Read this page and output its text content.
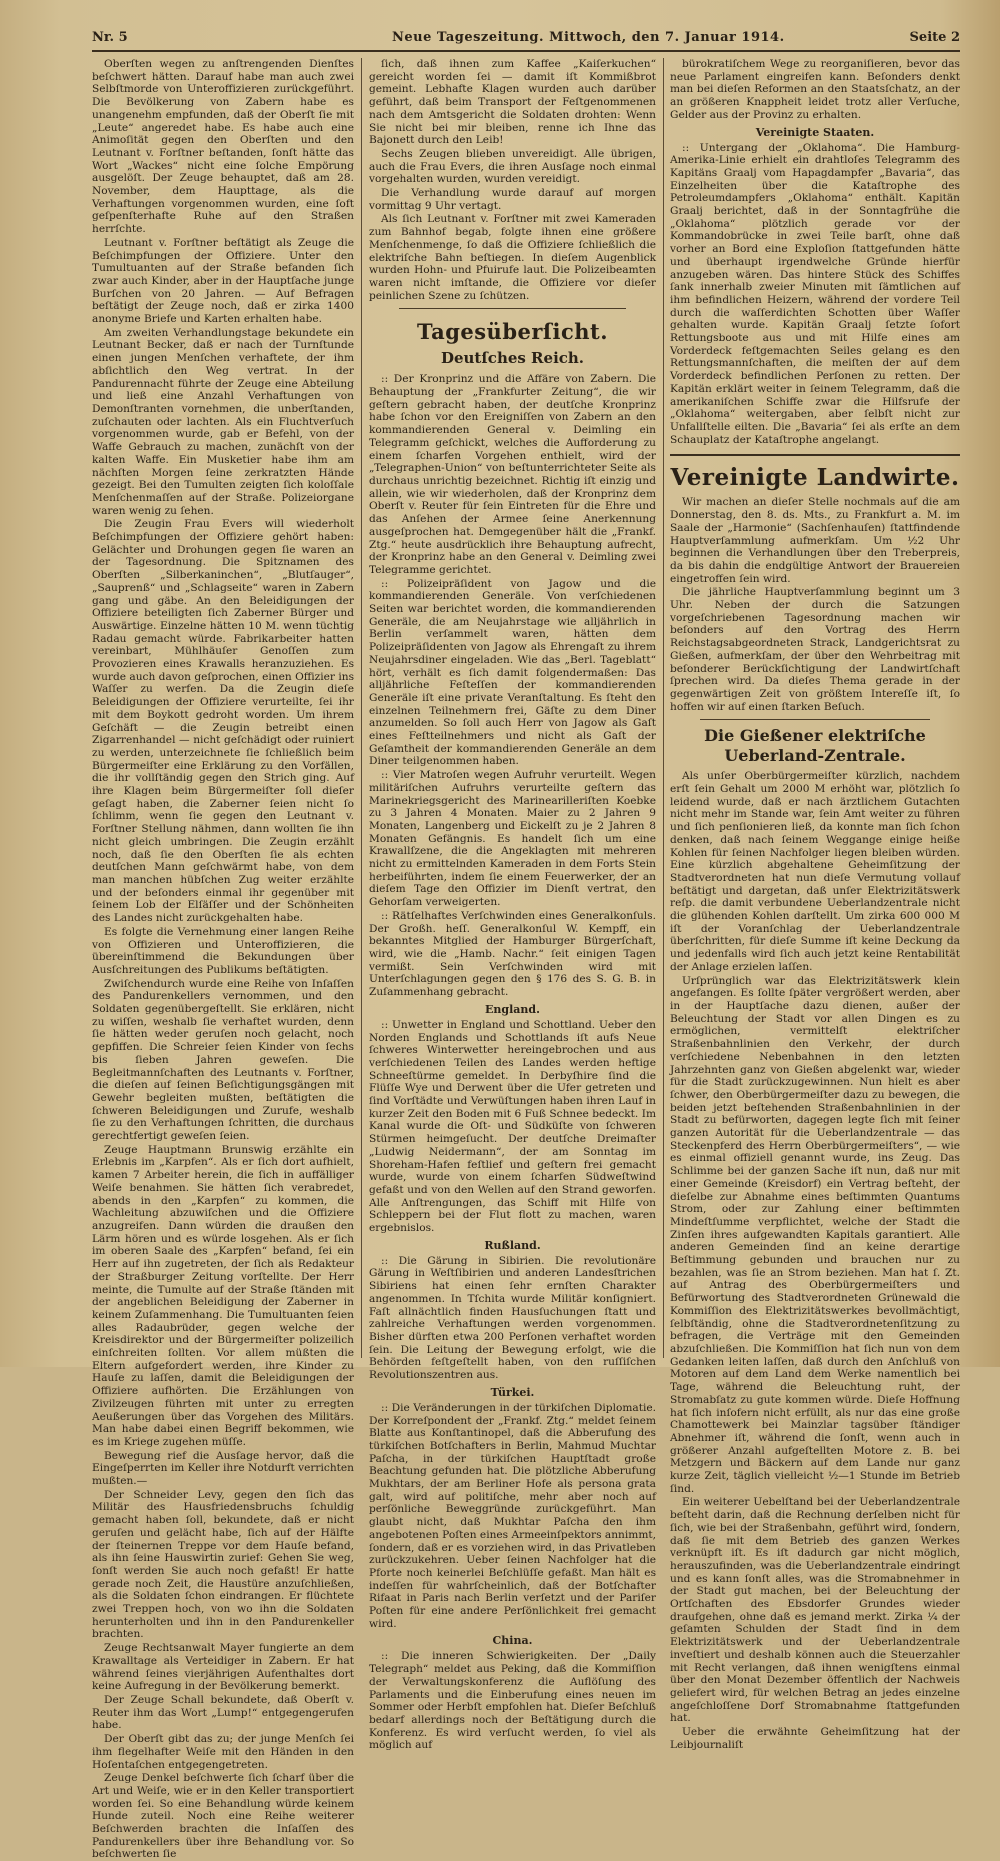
Nr. 5	Neue Tageszeitung. Mittwoch, den 7. Januar 1914.	Seite 2

Oberſten wegen zu anſtrengenden Dienſtes beſchwert hätten. Darauf habe man auch zwei Selbſtmorde von Unteroffizieren zurückgeführt. Die Bevölkerung von Zabern habe es unangenehm empfunden, daß der Oberſt ſie mit „Leute“ angeredet habe. Es habe auch eine Animoſität gegen den Oberſten und den Leutnant v. Forſtner beſtanden, ſonſt hätte das Wort „Wackes“ nicht eine ſolche Empörung ausgelöſt. Der Zeuge behauptet, daß am 28. November, dem Haupttage, als die Verhaftungen vorgenommen wurden, eine ſoft geſpenſterhafte Ruhe auf den Straßen herrſchte.

Leutnant v. Forſtner beſtätigt als Zeuge die Beſchimpfungen der Offiziere. Unter den Tumultuanten auf der Straße befanden ſich zwar auch Kinder, aber in der Hauptſache junge Burſchen von 20 Jahren. — Auf Befragen beſtätigt der Zeuge noch, daß er zirka 1400 anonyme Briefe und Karten erhalten habe.

Am zweiten Verhandlungstage bekundete ein Leutnant Becker, daß er nach der Turnſtunde einen jungen Menſchen verhaftete, der ihm abſichtlich den Weg vertrat. In der Pandurennacht führte der Zeuge eine Abteilung und ließ eine Anzahl Verhaftungen von Demonſtranten vornehmen, die unberſtanden, zuſchauten oder lachten. Als ein Fluchtverſuch vorgenommen wurde, gab er Befehl, von der Waffe Gebrauch zu machen, zunächſt von der kalten Waffe. Ein Musketier habe ihm am nächſten Morgen ſeine zerkratzten Hände gezeigt. Bei den Tumulten zeigten ſich koloſſale Menſchenmaſſen auf der Straße. Polizeiorgane waren wenig zu ſehen.

Die Zeugin Frau Evers will wiederholt Beſchimpfungen der Offiziere gehört haben: Gelächter und Drohungen gegen ſie waren an der Tagesordnung. Die Spitznamen des Oberſten „Silberkaninchen“, „Blutſauger“, „Sauprenß“ und „Schlagseite“ waren in Zabern gang und gäbe. An den Beleidigungen der Offiziere beteiligten ſich Zaberner Bürger und Auswärtige. Einzelne hätten 10 M. wenn tüchtig Radau gemacht würde. Fabrikarbeiter hatten vereinbart, Mühlhäuſer Genoſſen zum Provozieren eines Krawalls heranzuziehen. Es wurde auch davon geſprochen, einen Offizier ins Waſſer zu werfen. Da die Zeugin dieſe Beleidigungen der Offiziere verurteilte, ſei ihr mit dem Boykott gedroht worden. Um ihrem Geſchäft — die Zeugin betreibt einen Zigarrenhandel — nicht geſchädigt oder ruiniert zu werden, unterzeichnete ſie ſchließlich beim Bürgermeiſter eine Erklärung zu den Vorfällen, die ihr vollſtändig gegen den Strich ging. Auf ihre Klagen beim Bürgermeiſter ſoll dieſer geſagt haben, die Zaberner ſeien nicht ſo ſchlimm, wenn ſie gegen den Leutnant v. Forſtner Stellung nähmen, dann wollten ſie ihn nicht gleich umbringen. Die Zeugin erzählt noch, daß ſie den Oberſten ſie als echten deutſchen Mann geſchwärmt habe, von dem man manchen hübſchen Zug weiter erzählte und der beſonders einmal ihr gegenüber mit ſeinem Lob der Elſäſſer und der Schönheiten des Landes nicht zurückgehalten habe.

Es folgte die Vernehmung einer langen Reihe von Offizieren und Unteroffizieren, die übereinſtimmend die Bekundungen über Ausſchreitungen des Publikums beſtätigten.

Zwiſchendurch wurde eine Reihe von Inſaſſen des Pandurenkellers vernommen, und den Soldaten gegenübergeſtellt. Sie erklären, nicht zu wiſſen, weshalb ſie verhaftet wurden, denn ſie hätten weder geruſen noch gelacht, noch gepfiffen. Die Schreier ſeien Kinder von ſechs bis ſieben Jahren geweſen. Die Begleitmannſchaften des Leutnants v. Forſtner, die dieſen auf ſeinen Beſichtigungsgängen mit Gewehr begleiten mußten, beſtätigten die ſchweren Beleidigungen und Zurufe, weshalb ſie zu den Verhaftungen ſchritten, die durchaus gerechtfertigt geweſen ſeien.

Zeuge Hauptmann Brunswig erzählte ein Erlebnis im „Karpfen“. Als er ſich dort aufhielt, kamen 7 Arbeiter herein, die ſich in auffälliger Weiſe benahmen. Sie hätten ſich verabredet, abends in den „Karpfen“ zu kommen, die Wachleitung abzuwiſchen und die Offiziere anzugreifen. Dann würden die draußen den Lärm hören und es würde losgehen. Als er ſich im oberen Saale des „Karpfen“ befand, ſei ein Herr auf ihn zugetreten, der ſich als Redakteur der Straßburger Zeitung vorſtellte. Der Herr meinte, die Tumulte auf der Straße ſtänden mit der angeblichen Beleidigung der Zaberner in keinem Zuſammenhang. Die Tumultuanten ſeien alles Radaubrüder, gegen welche der Kreisdirektor und der Bürgermeiſter polizeilich einſchreiten ſollten. Vor allem müßten die Eltern aufgefordert werden, ihre Kinder zu Hauſe zu laſſen, damit die Beleidigungen der Offiziere aufhörten. Die Erzählungen von Zivilzeugen führten mit unter zu erregten Aeußerungen über das Vorgehen des Militärs. Man habe dabei einen Begriff bekommen, wie es im Kriege zugehen müſſe.

Bewegung rief die Ausſage hervor, daß die Eingeſperrten im Keller ihre Notdurft verrichten mußten.—

Der Schneider Levy, gegen den ſich das Militär des Hausfriedensbruchs ſchuldig gemacht haben ſoll, bekundete, daß er nicht geruſen und gelächt habe, ſich auf der Hälfte der ſteinernen Treppe vor dem Hauſe befand, als ihn ſeine Hauswirtin zurief: Gehen Sie weg, ſonſt werden Sie auch noch gefaßt! Er hatte gerade noch Zeit, die Haustüre anzuſchließen, als die Soldaten ſchon eindrangen. Er flüchtete zwei Treppen hoch, von wo ihn die Soldaten herunterholten und ihn in den Pandurenkeller brachten.

Zeuge Rechtsanwalt Mayer fungierte an dem Krawalltage als Verteidiger in Zabern. Er hat während ſeines vierjährigen Aufenthaltes dort keine Aufregung in der Bevölkerung bemerkt.

Der Zeuge Schall bekundete, daß Oberſt v. Reuter ihm das Wort „Lump!“ entgegengerufen habe.

Der Oberſt gibt das zu; der junge Menſch ſei ihm flegelhafter Weiſe mit den Händen in den Hoſentaſchen entgegengetreten.

Zeuge Denkel beſchwerte ſich ſcharf über die Art und Weiſe, wie er in den Keller transportiert worden ſei. So eine Behandlung würde keinem Hunde zuteil. Noch eine Reihe weiterer Beſchwerden brachten die Inſaſſen des Pandurenkellers über ihre Behandlung vor. So beſchwerten ſie

ſich, daß ihnen zum Kaffee „Kaiſerkuchen“ gereicht worden ſei — damit iſt Kommißbrot gemeint. Lebhafte Klagen wurden auch darüber geführt, daß beim Transport der Feſtgenommenen nach dem Amtsgericht die Soldaten drohten: Wenn Sie nicht bei mir bleiben, renne ich Ihne das Bajonett durch den Leib!

Sechs Zeugen blieben unvereidigt. Alle übrigen, auch die Frau Evers, die ihren Ausſage noch einmal vorgehalten wurden, wurden vereidigt.

Die Verhandlung wurde darauf auf morgen vormittag 9 Uhr vertagt.

Als ſich Leutnant v. Forſtner mit zwei Kameraden zum Bahnhof begab, folgte ihnen eine größere Menſchenmenge, ſo daß die Offiziere ſchließlich die elektriſche Bahn beſtiegen. In dieſem Augenblick wurden Hohn- und Pfuirufe laut. Die Polizeibeamten waren nicht imſtande, die Offiziere vor dieſer peinlichen Szene zu ſchützen.

Tagesüberſicht.
Deutſches Reich.

:: Der Kronprinz und die Affäre von Zabern. Die Behauptung der „Frankfurter Zeitung“, die wir geſtern gebracht haben, der deutſche Kronprinz habe ſchon vor den Ereigniſſen von Zabern an den kommandierenden General v. Deimling ein Telegramm geſchickt, welches die Aufforderung zu einem ſcharfen Vorgehen enthielt, wird der „Telegraphen-Union“ von beſtunterrichteter Seite als durchaus unrichtig bezeichnet. Richtig iſt einzig und allein, wie wir wiederholen, daß der Kronprinz dem Oberſt v. Reuter für ſein Eintreten für die Ehre und das Anſehen der Armee ſeine Anerkennung ausgeſprochen hat. Demgegenüber hält die „Frankf. Ztg.“ heute ausdrücklich ihre Behauptung aufrecht, der Kronprinz habe an den General v. Deimling zwei Telegramme gerichtet.

:: Polizeipräſident von Jagow und die kommandierenden Generäle. Von verſchiedenen Seiten war berichtet worden, die kommandierenden Generäle, die am Neujahrstage wie alljährlich in Berlin verſammelt waren, hätten dem Polizeipräſidenten von Jagow als Ehrengaſt zu ihrem Neujahrsdiner eingeladen. Wie das „Berl. Tageblatt“ hört, verhält es ſich damit folgendermaßen: Das alljährliche Feſteſſen der kommandierenden Generäle iſt eine private Veranſtaltung. Es ſteht den einzelnen Teilnehmern frei, Gäſte zu dem Diner anzumelden. So ſoll auch Herr von Jagow als Gaſt eines Feſtteilnehmers und nicht als Gaſt der Geſamtheit der kommandierenden Generäle an dem Diner teilgenommen haben.

:: Vier Matroſen wegen Aufruhr verurteilt. Wegen militäriſchen Aufruhrs verurteilte geſtern das Marinekriegsgericht des Marinearilleriſten Koebke zu 3 Jahren 4 Monaten. Maier zu 2 Jahren 9 Monaten, Langenberg und Eickelſt zu je 2 Jahren 8 Monaten Gefängnis. Es handelt ſich um eine Krawallſzene, die die Angeklagten mit mehreren nicht zu ermittelnden Kameraden in dem Forts Stein herbeiführten, indem ſie einem Feuerwerker, der an dieſem Tage den Offizier im Dienſt vertrat, den Gehorſam verweigerten.

:: Rätſelhaftes Verſchwinden eines Generalkonſuls. Der Großh. heſſ. Generalkonſul W. Kempff, ein bekanntes Mitglied der Hamburger Bürgerſchaft, wird, wie die „Hamb. Nachr.“ ſeit einigen Tagen vermißt. Sein Verſchwinden wird mit Unterſchlagungen gegen den § 176 des S. G. B. in Zuſammenhang gebracht.

England.

:: Unwetter in England und Schottland. Ueber den Norden Englands und Schottlands iſt aufs Neue ſchweres Winterwetter hereingebrochen und aus verſchiedenen Teilen des Landes werden heftige Schneeſtürme gemeldet. In Derbyſhire ſind die Flüſſe Wye und Derwent über die Ufer getreten und ſind Vorſtädte und Verwüſtungen haben ihren Lauf in kurzer Zeit den Boden mit 6 Fuß Schnee bedeckt. Im Kanal wurde die Oſt- und Südküſte von ſchweren Stürmen heimgeſucht. Der deutſche Dreimaſter „Ludwig Neidermann“, der am Sonntag im Shoreham-Hafen feſtlief und geſtern frei gemacht wurde, wurde von einem ſcharfen Südweſtwind gefaßt und von den Wellen auf den Strand geworfen. Alle Anſtrengungen, das Schiff mit Hilfe von Schleppern bei der Flut flott zu machen, waren ergebnislos.

Rußland.

:: Die Gärung in Sibirien. Die revolutionäre Gärung in Weſtſibirien und anderen Landesſtrichen Sibiriens hat einen ſehr ernſten Charakter angenommen. In Tſchita wurde Militär konſigniert. Faſt allnächtlich finden Hausſuchungen ſtatt und zahlreiche Verhaftungen werden vorgenommen. Bisher dürften etwa 200 Perſonen verhaftet worden ſein. Die Leitung der Bewegung erfolgt, wie die Behörden feſtgeſtellt haben, von den ruſſiſchen Revolutionszentren aus.

Türkei.

:: Die Veränderungen in der türkiſchen Diplomatie. Der Korreſpondent der „Frankf. Ztg.“ meldet ſeinem Blatte aus Konſtantinopel, daß die Abberufung des türkiſchen Botſchafters in Berlin, Mahmud Muchtar Paſcha, in der türkiſchen Hauptſtadt große Beachtung gefunden hat. Die plötzliche Abberufung Mukhtars, der am Berliner Hofe als persona grata galt, wird auf politiſche, mehr aber noch auf perſönliche Beweggründe zurückgeführt. Man glaubt nicht, daß Mukhtar Paſcha den ihm angebotenen Poſten eines Armeeinſpektors annimmt, ſondern, daß er es vorziehen wird, in das Privatleben zurückzukehren. Ueber ſeinen Nachfolger hat die Pforte noch keinerlei Beſchlüſſe gefaßt. Man hält es indeſſen für wahrſcheinlich, daß der Botſchafter Rifaat in Paris nach Berlin verſetzt und der Pariſer Poſten für eine andere Perſönlichkeit frei gemacht wird.

China.

:: Die inneren Schwierigkeiten. Der „Daily Telegraph“ meldet aus Peking, daß die Kommiſſion der Verwaltungskonferenz die Auflöſung des Parlaments und die Einberufung eines neuen im Sommer oder Herbſt empfohlen hat. Dieſer Beſchluß bedarf allerdings noch der Beſtätigung durch die Konferenz. Es wird verſucht werden, ſo viel als möglich auf

bürokratiſchem Wege zu reorganiſieren, bevor das neue Parlament eingreifen kann. Beſonders denkt man bei dieſen Reformen an den Staatsſchatz, an der an größeren Knappheit leidet trotz aller Verſuche, Gelder aus der Provinz zu erhalten.

Vereinigte Staaten.

:: Untergang der „Oklahoma“. Die Hamburg-Amerika-Linie erhielt ein drahtloſes Telegramm des Kapitäns Graalj vom Hapagdampfer „Bavaria“, das Einzelheiten über die Kataſtrophe des Petroleumdampfers „Oklahoma“ enthält. Kapitän Graalj berichtet, daß in der Sonntagfrühe die „Oklahoma“ plötzlich gerade vor der Kommandobrücke in zwei Teile barſt, ohne daß vorher an Bord eine Exploſion ſtattgefunden hätte und überhaupt irgendwelche Gründe hierfür anzugeben wären. Das hintere Stück des Schiffes ſank innerhalb zweier Minuten mit ſämtlichen auf ihm befindlichen Heizern, während der vordere Teil durch die waſſerdichten Schotten über Waſſer gehalten wurde. Kapitän Graalj ſetzte ſofort Rettungsboote aus und mit Hilfe eines am Vorderdeck feſtgemachten Seiles gelang es den Rettungsmannſchaften, die meiſten der auf dem Vorderdeck befindlichen Perſonen zu retten. Der Kapitän erklärt weiter in ſeinem Telegramm, daß die amerikaniſchen Schiffe zwar die Hilfsrufe der „Oklahoma“ weitergaben, aber ſelbſt nicht zur Unfallſtelle eilten. Die „Bavaria“ ſei als erſte an dem Schauplatz der Kataſtrophe angelangt.

Vereinigte Landwirte.

Wir machen an dieſer Stelle nochmals auf die am Donnerstag, den 8. ds. Mts., zu Frankfurt a. M. im Saale der „Harmonie“ (Sachſenhauſen) ſtattfindende Hauptverſammlung aufmerkſam. Um ½2 Uhr beginnen die Verhandlungen über den Treberpreis, da bis dahin die endgültige Antwort der Brauereien eingetroffen ſein wird.

Die jährliche Hauptverſammlung beginnt um 3 Uhr. Neben der durch die Satzungen vorgeſchriebenen Tagesordnung machen wir beſonders auf den Vortrag des Herrn Reichstagsabgeordneten Strack, Landgerichtsrat zu Gießen, aufmerkſam, der über den Wehrbeitrag mit beſonderer Berückſichtigung der Landwirtſchaft ſprechen wird. Da dieſes Thema gerade in der gegenwärtigen Zeit von größtem Intereſſe iſt, ſo hoffen wir auf einen ſtarken Beſuch.

Die Gießener elektriſche Ueberland-Zentrale.

Als unſer Oberbürgermeiſter kürzlich, nachdem erſt ſein Gehalt um 2000 M erhöht war, plötzlich ſo leidend wurde, daß er nach ärztlichem Gutachten nicht mehr im Stande war, ſein Amt weiter zu führen und ſich penſionieren ließ, da konnte man ſich ſchon denken, daß nach ſeinem Weggange einige heiße Kohlen für ſeinen Nachfolger liegen bleiben würden. Eine kürzlich abgehaltene Geheimſitzung der Stadtverordneten hat nun dieſe Vermutung vollauf beſtätigt und dargetan, daß unſer Elektrizitätswerk reſp. die damit verbundene Ueberlandzentrale nicht die glühenden Kohlen darſtellt. Um zirka 600 000 M iſt der Voranſchlag der Ueberlandzentrale überſchritten, für dieſe Summe iſt keine Deckung da und jedenfalls wird ſich auch jetzt keine Rentabilität der Anlage erzielen laſſen.

Urſprünglich war das Elektrizitätswerk klein angefangen. Es ſollte ſpäter vergrößert werden, aber in der Hauptſache dazu dienen, außer der Beleuchtung der Stadt vor allen Dingen es zu ermöglichen, vermittelſt elektriſcher Straßenbahnlinien den Verkehr, der durch verſchiedene Nebenbahnen in den letzten Jahrzehnten ganz von Gießen abgelenkt war, wieder für die Stadt zurückzugewinnen. Nun hielt es aber ſchwer, den Oberbürgermeiſter dazu zu bewegen, die beiden jetzt beſtehenden Straßenbahnlinien in der Stadt zu befürworten, dagegen legte ſich mit ſeiner ganzen Autorität für die Ueberlandzentrale — das Steckenpferd des Herrn Oberbürgermeiſters“, — wie es einmal offiziell genannt wurde, ins Zeug. Das Schlimme bei der ganzen Sache iſt nun, daß nur mit einer Gemeinde (Kreisdorf) ein Vertrag beſteht, der dieſelbe zur Abnahme eines beſtimmten Quantums Strom, oder zur Zahlung einer beſtimmten Mindeſtſumme verpflichtet, welche der Stadt die Zinſen ihres aufgewandten Kapitals garantiert. Alle anderen Gemeinden ſind an keine derartige Beſtimmung gebunden und brauchen nur zu bezahlen, was ſie an Strom beziehen. Man hat ſ. Zt. auf Antrag des Oberbürgermeiſters und Befürwortung des Stadtverordneten Grünewald die Kommiſſion des Elektrizitätswerkes bevollmächtigt, ſelbſtändig, ohne die Stadtverordnetenſitzung zu befragen, die Verträge mit den Gemeinden abzuſchließen. Die Kommiſſion hat ſich nun von dem Gedanken leiten laſſen, daß durch den Anſchluß von Motoren auf dem Land dem Werke namentlich bei Tage, während die Beleuchtung ruht, der Stromabſatz zu gute kommen würde. Dieſe Hoffnung hat ſich inſofern nicht erfüllt, als nur das eine große Chamottewerk bei Mainzlar tagsüber ſtändiger Abnehmer iſt, während die ſonſt, wenn auch in größerer Anzahl aufgeſtellten Motore z. B. bei Metzgern und Bäckern auf dem Lande nur ganz kurze Zeit, täglich vielleicht ½—1 Stunde im Betrieb ſind.

Ein weiterer Uebelſtand bei der Ueberlandzentrale beſteht darin, daß die Rechnung derſelben nicht für ſich, wie bei der Straßenbahn, geführt wird, ſondern, daß ſie mit dem Betrieb des ganzen Werkes verknüpft iſt. Es iſt dadurch gar nicht möglich, herauszufinden, was die Ueberlandzentrale eindringt und es kann ſonſt alles, was die Stromabnehmer in der Stadt gut machen, bei der Beleuchtung der Ortſchaften des Ebsdorfer Grundes wieder draufgehen, ohne daß es jemand merkt. Zirka ¼ der geſamten Schulden der Stadt ſind in dem Elektrizitätswerk und der Ueberlandzentrale inveſtiert und deshalb können auch die Steuerzahler mit Recht verlangen, daß ihnen wenigſtens einmal über den Monat Dezember öffentlich der Nachweis geliefert wird, für welchen Betrag an jedes einzelne angeſchloſſene Dorf Stromabnahme ſtattgefunden hat.

Ueber die erwähnte Geheimſitzung hat der Leibjournaliſt
